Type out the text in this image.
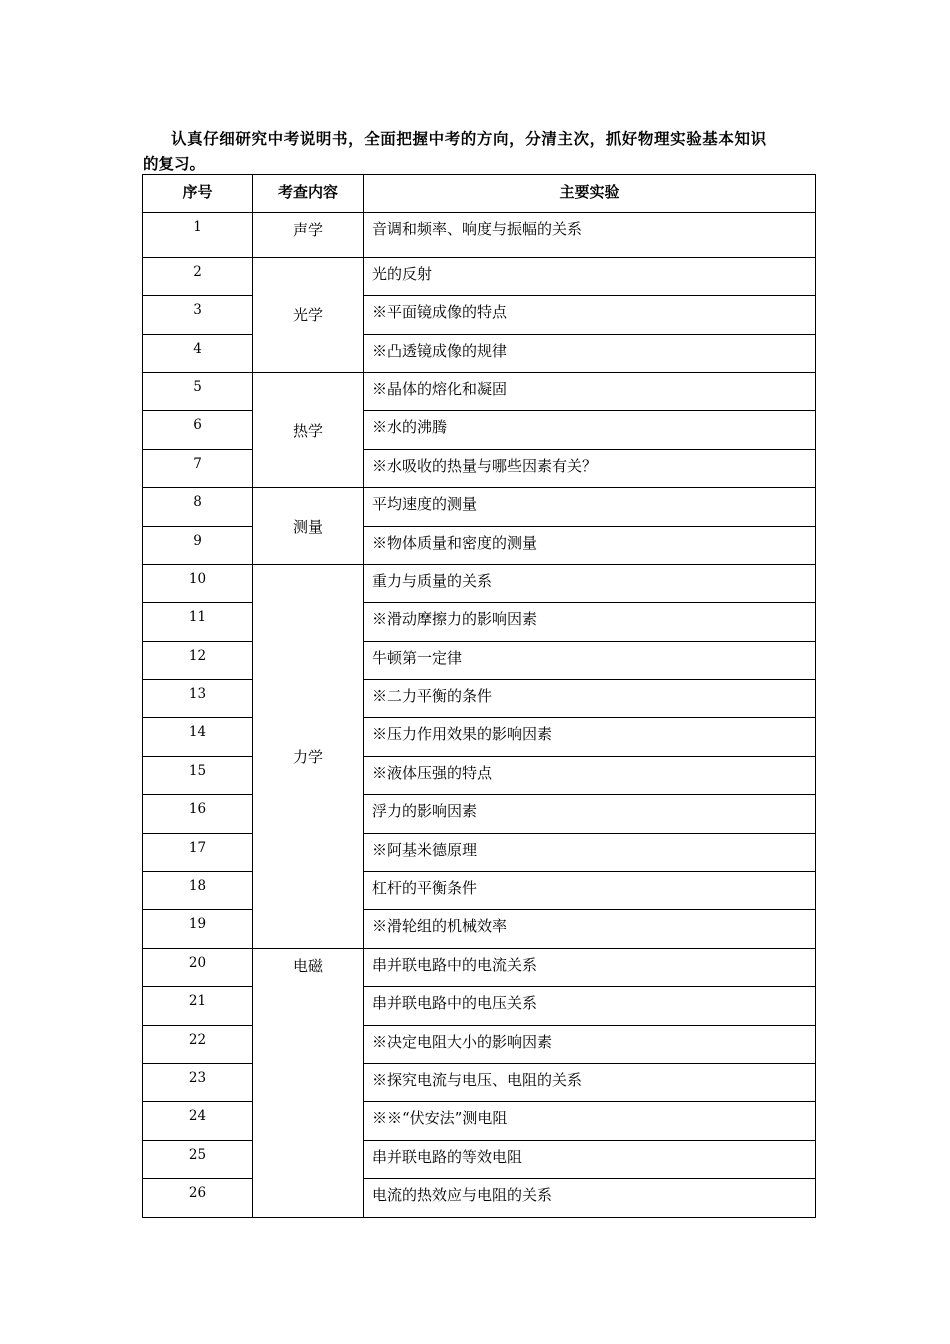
认真仔细研究中考说明书，全面把握中考的方向，分清主次，抓好物理实验基本知识
的复习。
序号	考查内容	主要实验
1	声学	音调和频率、响度与振幅的关系
2	光学	光的反射
3		※平面镜成像的特点
4		※凸透镜成像的规律
5	热学	※晶体的熔化和凝固
6		※水的沸腾
7		※水吸收的热量与哪些因素有关？
8	测量	平均速度的测量
9		※物体质量和密度的测量
10	力学	重力与质量的关系
11		※滑动摩擦力的影响因素
12		牛顿第一定律
13		※二力平衡的条件
14		※压力作用效果的影响因素
15		※液体压强的特点
16		浮力的影响因素
17		※阿基米德原理
18		杠杆的平衡条件
19		※滑轮组的机械效率
20	电磁	串并联电路中的电流关系
21		串并联电路中的电压关系
22		※决定电阻大小的影响因素
23		※探究电流与电压、电阻的关系
24		※※“伏安法”测电阻
25		串并联电路的等效电阻
26		电流的热效应与电阻的关系
